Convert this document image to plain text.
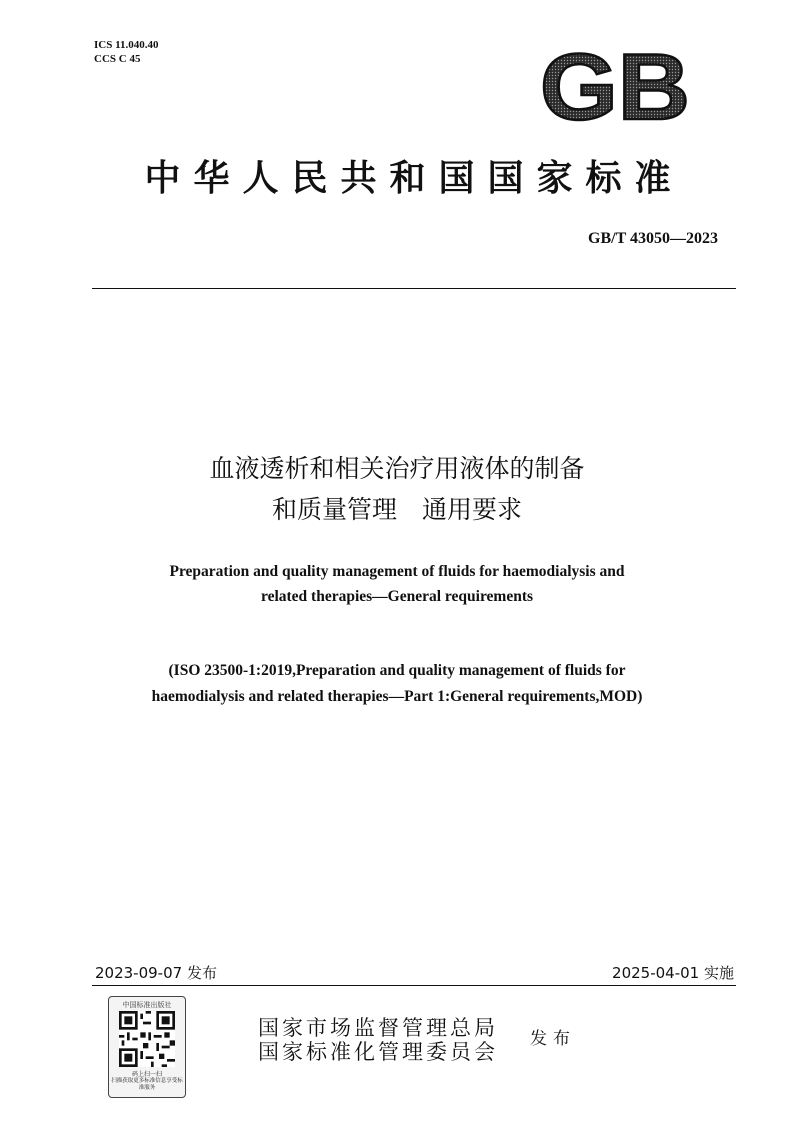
ICS 11.040.40
CCS C 45	GB
中华人民共和国国家标准
GB/T 43050—2023
血液透析和相关治疗用液体的制备
和质量管理　通用要求
Preparation and quality management of fluids for haemodialysis and
related therapies—General requirements
(ISO 23500-1:2019,Preparation and quality management of fluids for
haemodialysis and related therapies—Part 1:General requirements,MOD)
2023-09-07 发布	2025-04-01 实施
中国标准出版社
码上扫一扫
扫描获取更多标准信息享受标准服务
国家市场监督管理总局
国家标准化管理委员会
发布
